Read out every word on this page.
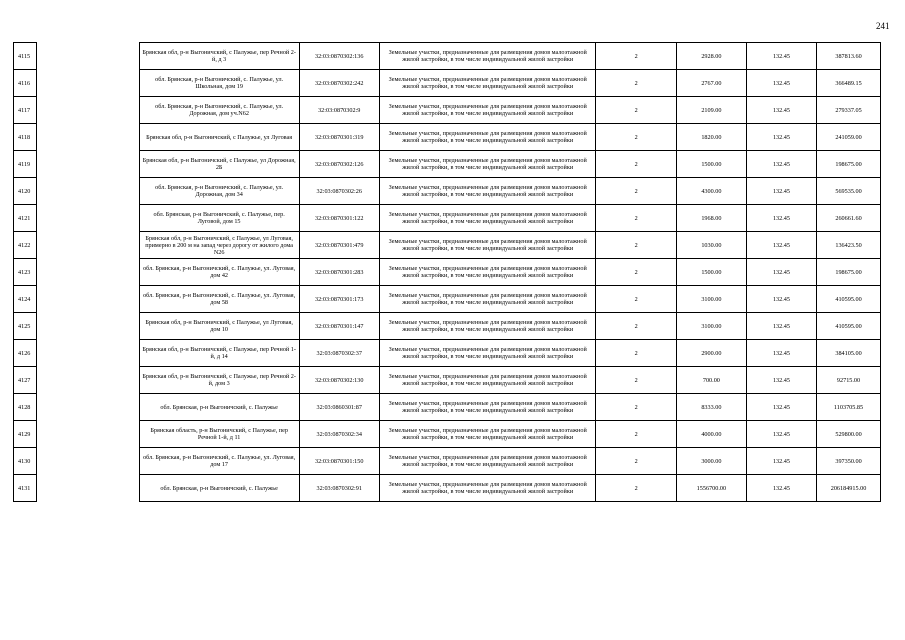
241
4115		Брянская обл, р-н Выгоничский, с Палужье, пер Речной 2-й, д 3	32:03:0870302:136	Земельные участки, предназначенные для размещения домов малоэтажной жилой застройки, в том числе индивидуальной жилой застройки	2	2928.00	132.45	387813.60
4116		обл. Брянская, р-н Выгоничский, с. Палужье, ул. Школьная, дом 19	32:03:0870302:242	Земельные участки, предназначенные для размещения домов малоэтажной жилой застройки, в том числе индивидуальной жилой застройки	2	2767.00	132.45	366489.15
4117		обл. Брянская, р-н Выгоничский, с. Палужье, ул. Дорожная, дом уч.N62	32:03:0870302:9	Земельные участки, предназначенные для размещения домов малоэтажной жилой застройки, в том числе индивидуальной жилой застройки	2	2109.00	132.45	279337.05
4118		Брянская обл, р-н Выгоничский, с Палужье, ул Луговая	32:03:0870301:319	Земельные участки, предназначенные для размещения домов малоэтажной жилой застройки, в том числе индивидуальной жилой застройки	2	1820.00	132.45	241059.00
4119		Брянская обл, р-н Выгоничский, с Палужье, ул Дорожная, 2Б	32:03:0870302:126	Земельные участки, предназначенные для размещения домов малоэтажной жилой застройки, в том числе индивидуальной жилой застройки	2	1500.00	132.45	198675.00
4120		обл. Брянская, р-н Выгоничский, с. Палужье, ул. Дорожная, дом 34	32:03:0870302:26	Земельные участки, предназначенные для размещения домов малоэтажной жилой застройки, в том числе индивидуальной жилой застройки	2	4300.00	132.45	569535.00
4121		обл. Брянская, р-н Выгоничский, с. Палужье, пер. Луговой, дом 15	32:03:0870301:122	Земельные участки, предназначенные для размещения домов малоэтажной жилой застройки, в том числе индивидуальной жилой застройки	2	1968.00	132.45	260661.60
4122		Брянская обл, р-н Выгоничский, с Палужье, ул Луговая, примерно в 200 м на запад через дорогу от жилого дома N26	32:03:0870301:479	Земельные участки, предназначенные для размещения домов малоэтажной жилой застройки, в том числе индивидуальной жилой застройки	2	1030.00	132.45	136423.50
4123		обл. Брянская, р-н Выгоничский, с. Палужье, ул. Луговая, дом 42	32:03:0870301:283	Земельные участки, предназначенные для размещения домов малоэтажной жилой застройки, в том числе индивидуальной жилой застройки	2	1500.00	132.45	198675.00
4124		обл. Брянская, р-н Выгоничский, с. Палужье, ул. Луговая, дом 58	32:03:0870301:173	Земельные участки, предназначенные для размещения домов малоэтажной жилой застройки, в том числе индивидуальной жилой застройки	2	3100.00	132.45	410595.00
4125		Брянская обл, р-н Выгоничский, с Палужье, ул Луговая, дом 10	32:03:0870301:147	Земельные участки, предназначенные для размещения домов малоэтажной жилой застройки, в том числе индивидуальной жилой застройки	2	3100.00	132.45	410595.00
4126		Брянская обл, р-н Выгоничский, с Палужье, пер Речной 1-й, д 14	32:03:0870302:37	Земельные участки, предназначенные для размещения домов малоэтажной жилой застройки, в том числе индивидуальной жилой застройки	2	2900.00	132.45	384105.00
4127		Брянская обл, р-н Выгоничский, с Палужье, пер Речной 2-й, дом 3	32:03:0870302:130	Земельные участки, предназначенные для размещения домов малоэтажной жилой застройки, в том числе индивидуальной жилой застройки	2	700.00	132.45	92715.00
4128		обл. Брянская, р-н Выгоничский, с. Палужье	32:03:0860301:87	Земельные участки, предназначенные для размещения домов малоэтажной жилой застройки, в том числе индивидуальной жилой застройки	2	8333.00	132.45	1103705.85
4129		Брянская область, р-н Выгоничский, с Палужье, пер Речной 1-й, д 11	32:03:0870302:34	Земельные участки, предназначенные для размещения домов малоэтажной жилой застройки, в том числе индивидуальной жилой застройки	2	4000.00	132.45	529800.00
4130		обл. Брянская, р-н Выгоничский, с. Палужье, ул. Луговая, дом 17	32:03:0870301:150	Земельные участки, предназначенные для размещения домов малоэтажной жилой застройки, в том числе индивидуальной жилой застройки	2	3000.00	132.45	397350.00
4131		обл. Брянская, р-н Выгоничский, с. Палужье	32:03:0870302:91	Земельные участки, предназначенные для размещения домов малоэтажной жилой застройки, в том числе индивидуальной жилой застройки	2	1556700.00	132.45	206184915.00
